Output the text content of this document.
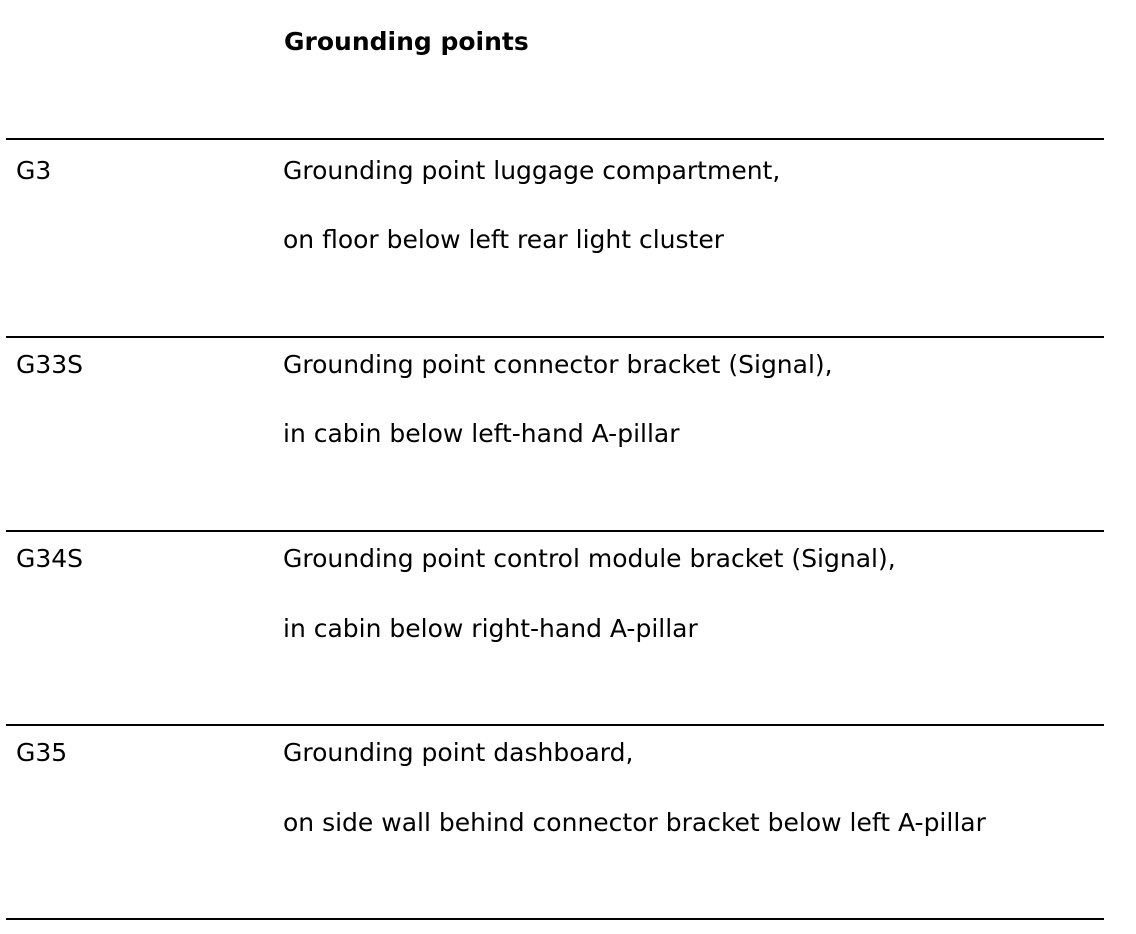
Grounding points
G3	Grounding point luggage compartment,
on floor below left rear light cluster
G33S	Grounding point connector bracket (Signal),
in cabin below left-hand A-pillar
G34S	Grounding point control module bracket (Signal),
in cabin below right-hand A-pillar
G35	Grounding point dashboard,
on side wall behind connector bracket below left A-pillar
